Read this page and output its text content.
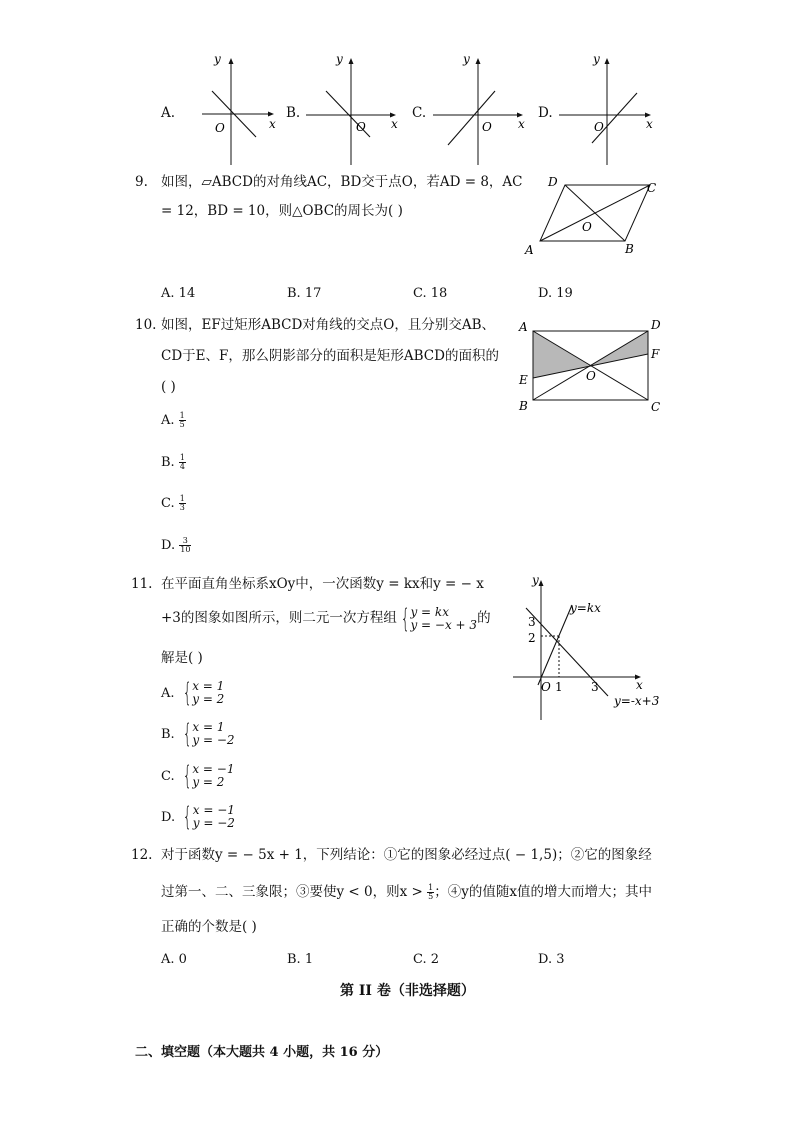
A.
y
x
O
B.
y
x
O
C.
y
x
O
D.
y
x
O
9. 如图，▱ABCD的对角线AC，BD交于点O，若AD = 8，AC
= 12，BD = 10，则△OBC的周长为( )
D	C
A	B
O
A. 14	B. 17	C. 18	D. 19
10. 如图，EF过矩形ABCD对角线的交点O，且分别交AB、
CD于E、F，那么阴影部分的面积是矩形ABCD的面积的
( )
A	D
F
E
B	C
O
A. $\frac{1}{5}$
B. $\frac{1}{4}$
C. $\frac{1}{3}$
D. $\frac{3}{10}$
11. 在平面直角坐标系xOy中，一次函数y = kx和y = − x
+3的图象如图所示，则二元一次方程组 { y = kx
y = −x + 3 的
解是( )
y
x
O
3
2
1 3
y=kx
y=-x+3
A.
{ x = 1
y = 2
B.
{ x = 1
y = −2
C.
{ x = −1
y = 2
D.
{ x = −1
y = −2
12. 对于函数y = − 5x + 1，下列结论：①它的图象必经过点( − 1,5)；②它的图象经
过第一、二、三象限；③要使y < 0，则x >
$\frac{1}{5}$ ；④y的值随x值的增大而增大；其中
正确的个数是( )
A. 0	B. 1	C. 2	D. 3
第 II 卷（非选择题）
二、填空题（本大题共 4 小题，共 16 分）
